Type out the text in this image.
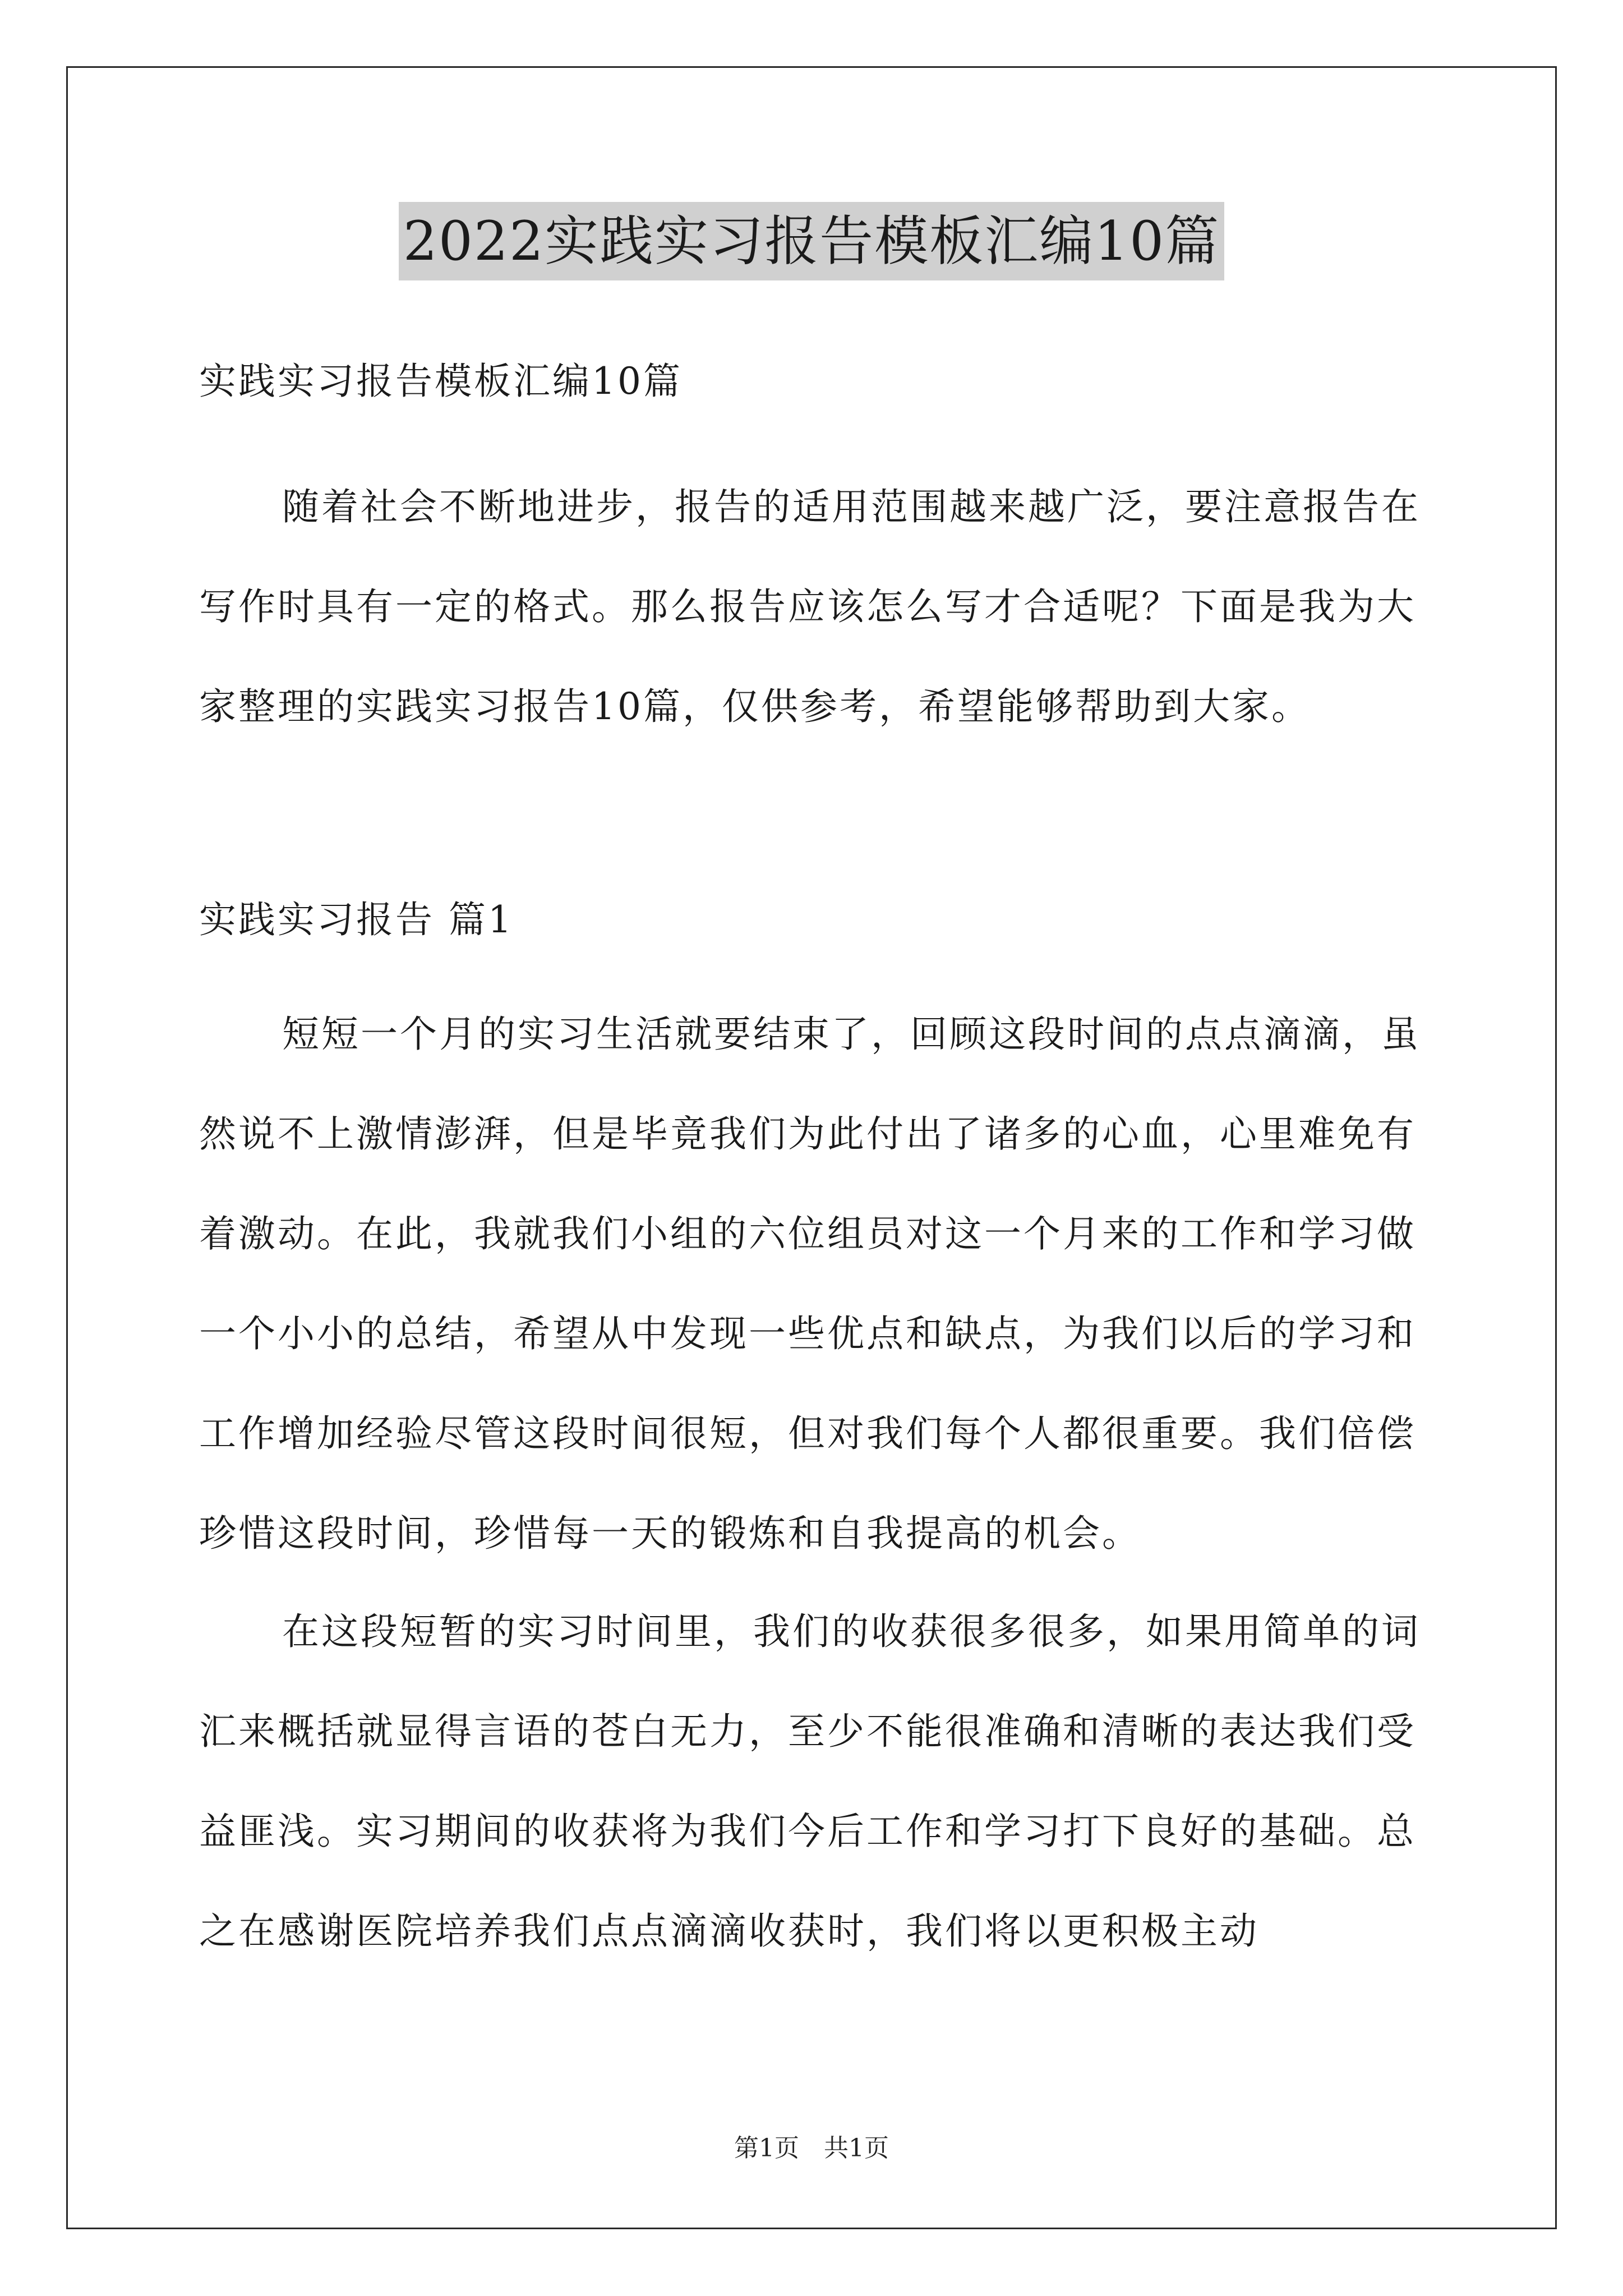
2022实践实习报告模板汇编10篇
实践实习报告模板汇编10篇
随着社会不断地进步，报告的适用范围越来越广泛，要注意报告在写作时具有一定的格式。那么报告应该怎么写才合适呢？下面是我为大家整理的实践实习报告10篇，仅供参考，希望能够帮助到大家。
实践实习报告 篇1
短短一个月的实习生活就要结束了，回顾这段时间的点点滴滴，虽然说不上激情澎湃，但是毕竟我们为此付出了诸多的心血，心里难免有着激动。在此，我就我们小组的六位组员对这一个月来的工作和学习做一个小小的总结，希望从中发现一些优点和缺点，为我们以后的学习和工作增加经验尽管这段时间很短，但对我们每个人都很重要。我们倍偿珍惜这段时间，珍惜每一天的锻炼和自我提高的机会。
在这段短暂的实习时间里，我们的收获很多很多，如果用简单的词汇来概括就显得言语的苍白无力，至少不能很准确和清晰的表达我们受益匪浅。实习期间的收获将为我们今后工作和学习打下良好的基础。总之在感谢医院培养我们点点滴滴收获时，我们将以更积极主动
第1页　共1页
